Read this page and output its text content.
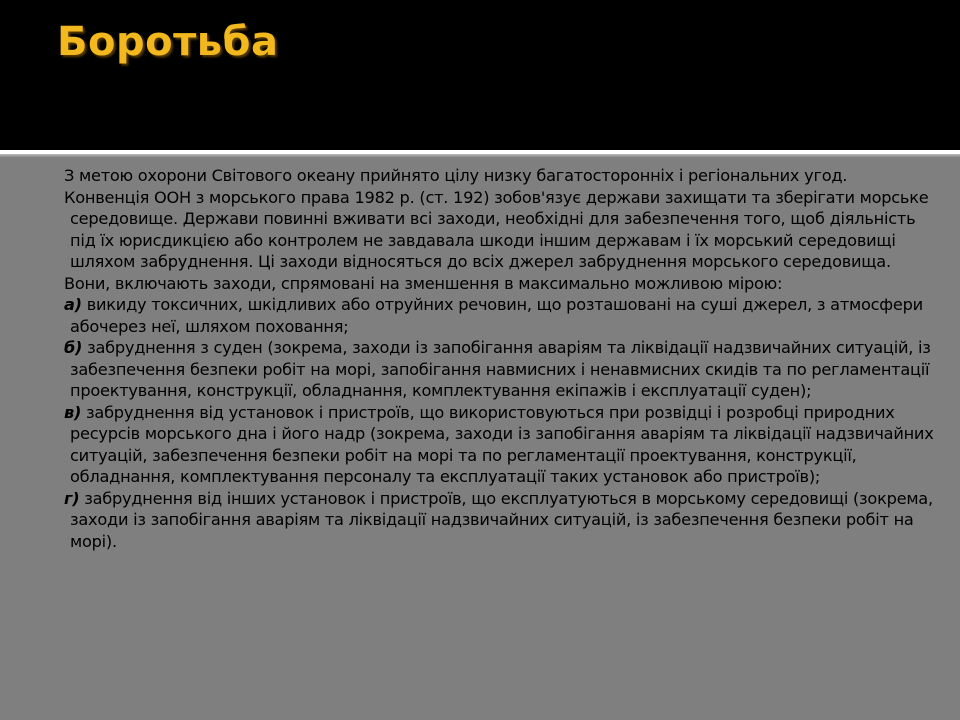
Боротьба

З метою охорони Світового океану прийнято цілу низку багатосторонніх і регіональних угод.

Конвенція ООН з морського права 1982 р. (ст. 192) зобов'язує держави захищати та зберігати морське середовище. Держави повинні вживати всі заходи, необхідні для забезпечення того, щоб діяльність під їх юрисдикцією або контролем не завдавала шкоди іншим державам і їх морський середовищі шляхом забруднення. Ці заходи відносяться до всіх джерел забруднення морського середовища.

Вони, включають заходи, спрямовані на зменшення в максимально можливою мірою:

а) викиду токсичних, шкідливих або отруйних речовин, що розташовані на суші джерел, з атмосфери абочерез неї, шляхом поховання;

б) забруднення з суден (зокрема, заходи із запобігання аваріям та ліквідації надзвичайних ситуацій, із забезпечення безпеки робіт на морі, запобігання навмисних і ненавмисних скидів та по регламентації проектування, конструкції, обладнання, комплектування екіпажів і експлуатації суден);

в) забруднення від установок і пристроїв, що використовуються при розвідці і розробці природних ресурсів морського дна і його надр (зокрема, заходи із запобігання аваріям та ліквідації надзвичайних ситуацій, забезпечення безпеки робіт на морі та по регламентації проектування, конструкції, обладнання, комплектування персоналу та експлуатації таких установок або пристроїв);

г) забруднення від інших установок і пристроїв, що експлуатуються в морському середовищі (зокрема, заходи із запобігання аваріям та ліквідації надзвичайних ситуацій, із забезпечення безпеки робіт на морі).
